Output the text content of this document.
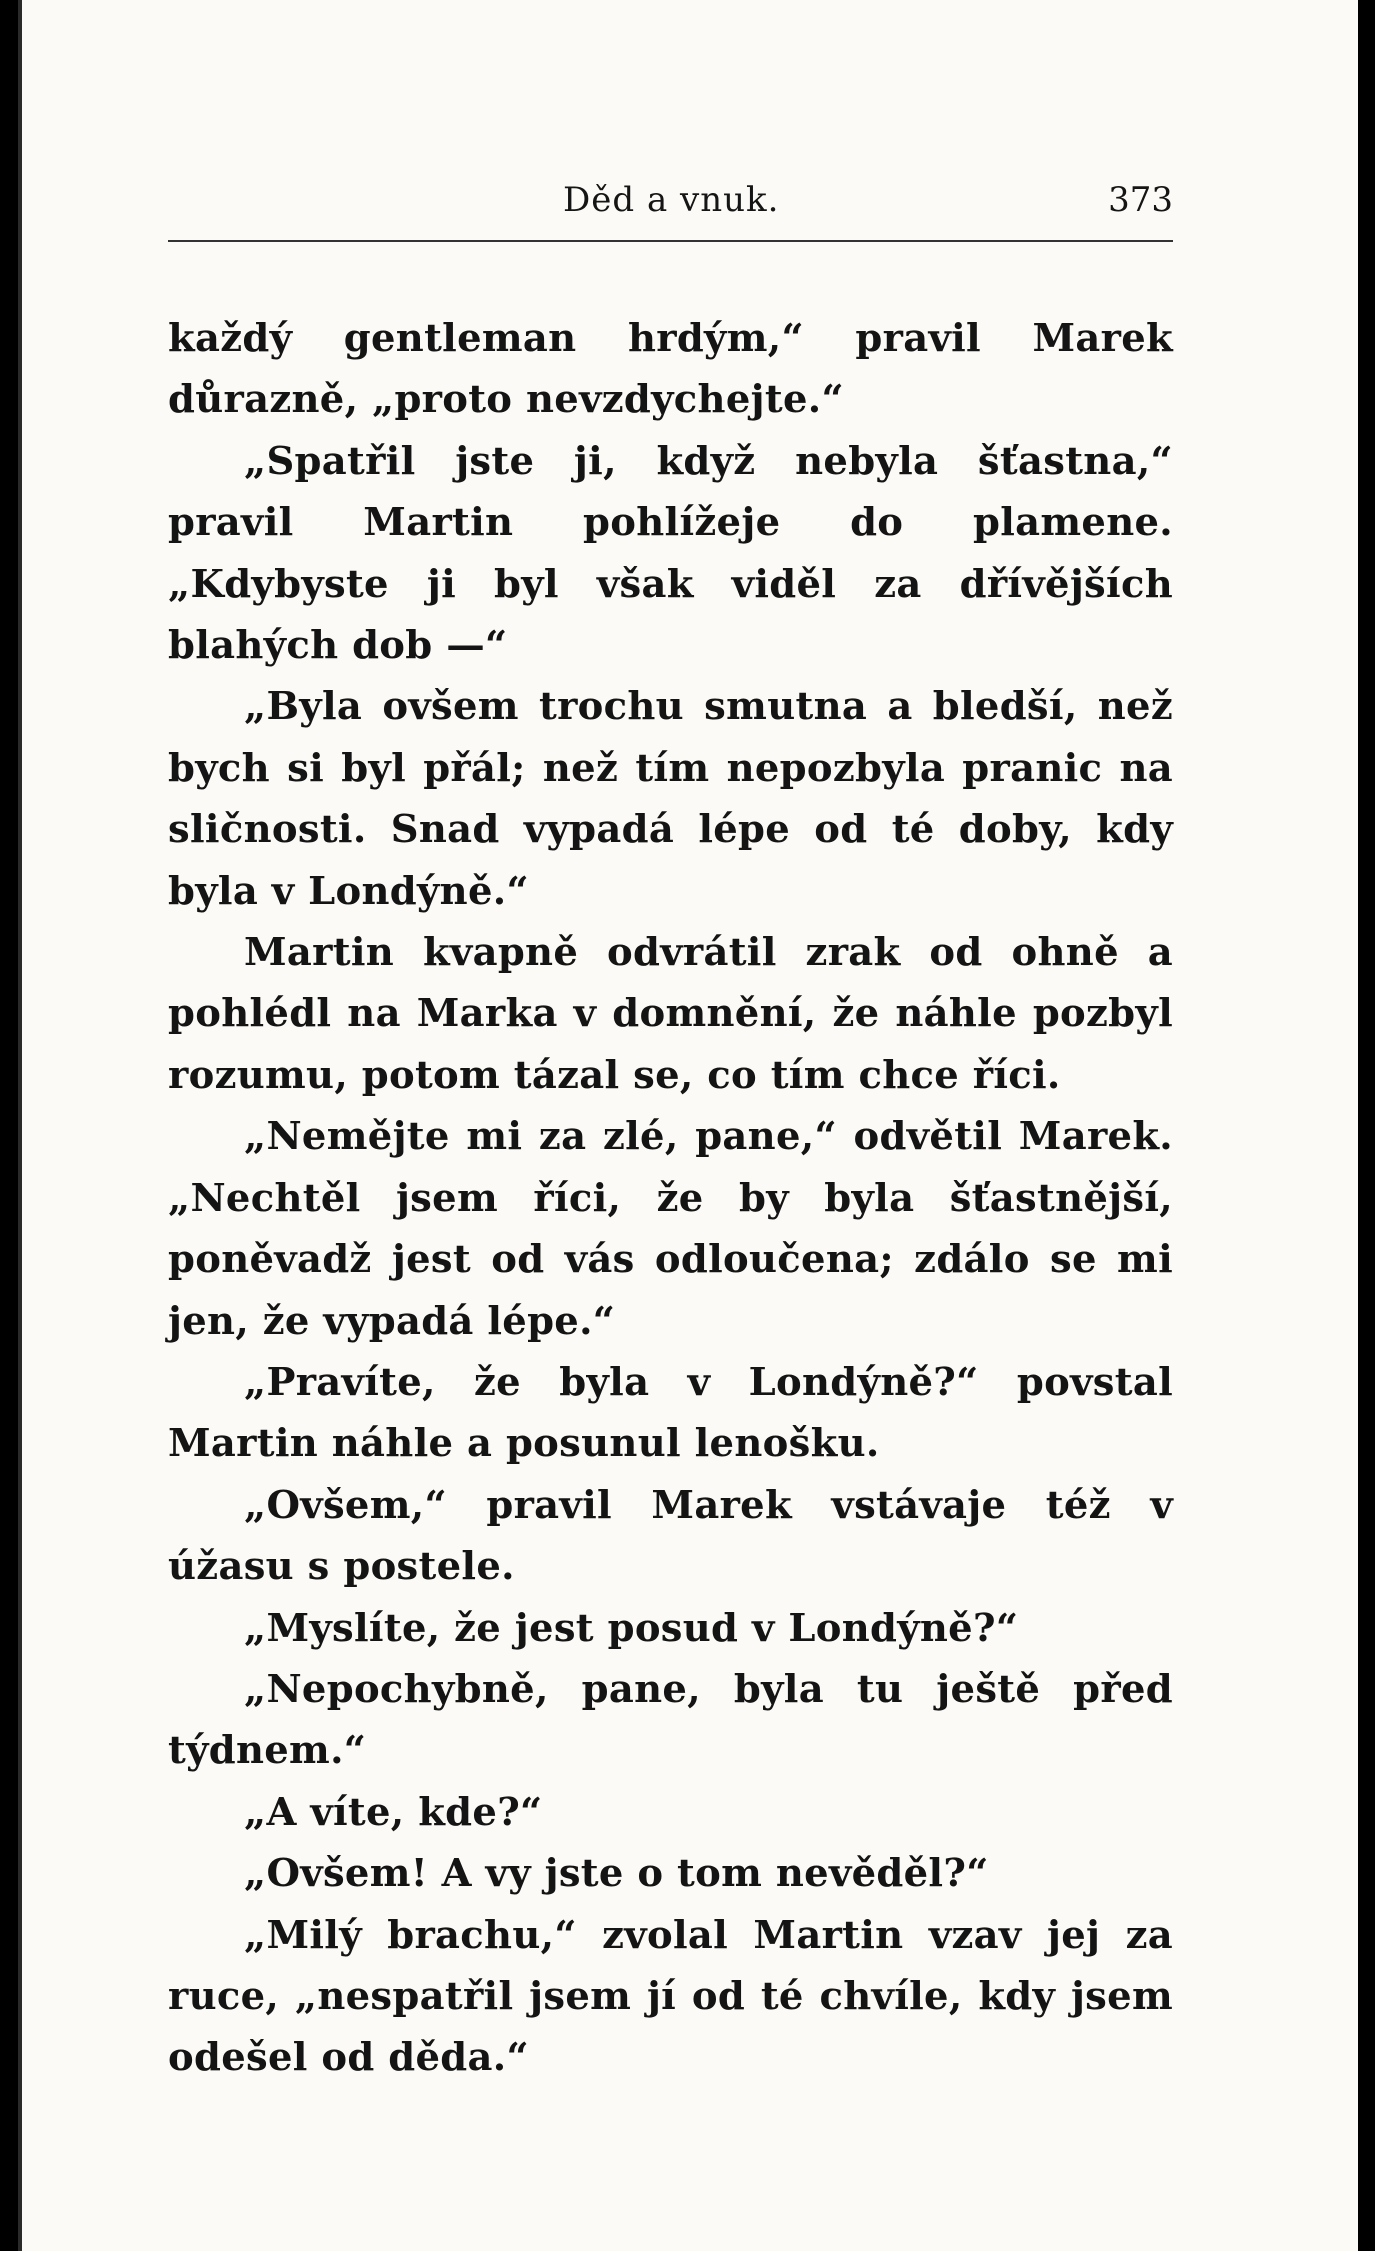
Děd a vnuk.	373

každý gentleman hrdým,“ pravil Marek důrazně, „proto nevzdychejte.“

„Spatřil jste ji, když nebyla šťastna,“ pravil Martin pohlížeje do plamene. „Kdybyste ji byl však viděl za dřívějších blahých dob —“

„Byla ovšem trochu smutna a bledší, než bych si byl přál; než tím nepozbyla pranic na sličnosti. Snad vypadá lépe od té doby, kdy byla v Londýně.“

Martin kvapně odvrátil zrak od ohně a pohlédl na Marka v domnění, že náhle pozbyl rozumu, potom tázal se, co tím chce říci.

„Nemějte mi za zlé, pane,“ odvětil Marek. „Nechtěl jsem říci, že by byla šťastnější, poněvadž jest od vás odloučena; zdálo se mi jen, že vypadá lépe.“

„Pravíte, že byla v Londýně?“ povstal Martin náhle a posunul lenošku.

„Ovšem,“ pravil Marek vstávaje též v úžasu s postele.

„Myslíte, že jest posud v Londýně?“

„Nepochybně, pane, byla tu ještě před týdnem.“

„A víte, kde?“

„Ovšem! A vy jste o tom nevěděl?“

„Milý brachu,“ zvolal Martin vzav jej za ruce, „nespatřil jsem jí od té chvíle, kdy jsem odešel od děda.“
